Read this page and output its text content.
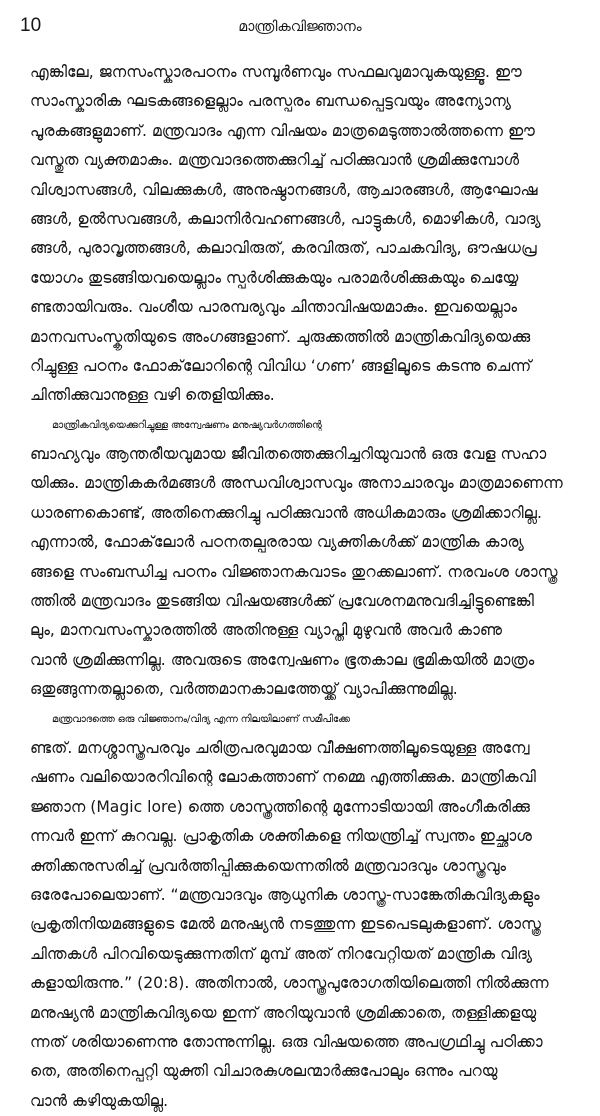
10	മാന്ത്രികവിജ്ഞാനം
എങ്കിലേ, ജനസംസ്കാരപഠനം സമ്പൂർണവും സഫലവുമാവുകയുള്ളൂ. ഈ
സാംസ്കാരിക ഘടകങ്ങളെല്ലാം പരസ്പരം ബന്ധപ്പെട്ടവയും അന്യോന്യ
പൂരകങ്ങളുമാണ്. മന്ത്രവാദം എന്ന വിഷയം മാത്രമെടുത്താൽത്തന്നെ ഈ
വസ്തുത വ്യക്തമാകും. മന്ത്രവാദത്തെക്കുറിച്ച് പഠിക്കുവാൻ ശ്രമിക്കുമ്പോൾ
വിശ്വാസങ്ങൾ, വിലക്കുകൾ, അനുഷ്ഠാനങ്ങൾ, ആചാരങ്ങൾ, ആഘോഷ
ങ്ങൾ, ഉൽസവങ്ങൾ, കലാനിർവഹണങ്ങൾ, പാട്ടുകൾ, മൊഴികൾ, വാദ്യ
ങ്ങൾ, പുരാവൃത്തങ്ങൾ, കലാവിരുത്, കരവിരുത്, പാചകവിദ്യ, ഔഷധപ്ര
യോഗം തുടങ്ങിയവയെല്ലാം സ്പർശിക്കുകയും പരാമർശിക്കുകയും ചെയ്യേ
ണ്ടതായിവരും. വംശീയ പാരമ്പര്യവും ചിന്താവിഷയമാകും. ഇവയെല്ലാം
മാനവസംസ്കൃതിയുടെ അംഗങ്ങളാണ്. ചുരുക്കത്തിൽ മാന്ത്രികവിദ്യയെക്കു
റിച്ചുള്ള പഠനം ഫോക്‌ലോറിന്റെ വിവിധ ‘ഗണ’ ങ്ങളിലൂടെ കടന്നു ചെന്ന്
ചിന്തിക്കുവാനുള്ള വഴി തെളിയിക്കും.
മാന്ത്രികവിദ്യയെക്കുറിച്ചുള്ള അന്വേഷണം മനുഷ്യവർഗത്തിന്റെ
ബാഹ്യവും ആന്തരീയവുമായ ജീവിതത്തെക്കുറിച്ചറിയുവാൻ ഒരു വേള സഹാ
യിക്കും. മാന്ത്രികകർമങ്ങൾ അന്ധവിശ്വാസവും അനാചാരവും മാത്രമാണെന്ന
ധാരണകൊണ്ട്, അതിനെക്കുറിച്ചു പഠിക്കുവാൻ അധികമാരും ശ്രമിക്കാറില്ല.
എന്നാൽ, ഫോക്‌ലോർ പഠനതല്പരരായ വ്യക്തികൾക്ക് മാന്ത്രിക കാര്യ
ങ്ങളെ സംബന്ധിച്ച പഠനം വിജ്ഞാനകവാടം തുറക്കലാണ്. നരവംശ ശാസ്ത്ര
ത്തിൽ മന്ത്രവാദം തുടങ്ങിയ വിഷയങ്ങൾക്ക് പ്രവേശനമനുവദിച്ചിട്ടുണ്ടെങ്കി
ലും, മാനവസംസ്കാരത്തിൽ അതിനുള്ള വ്യാപ്തി മുഴുവൻ അവർ കാണു
വാൻ ശ്രമിക്കുന്നില്ല. അവരുടെ അന്വേഷണം ഭൂതകാല ഭൂമികയിൽ മാത്രം
ഒതുങ്ങുന്നതല്ലാതെ, വർത്തമാനകാലത്തേയ്ക്ക് വ്യാപിക്കുന്നുമില്ല.
മന്ത്രവാദത്തെ ഒരു വിജ്ഞാനം/വിദ്യ എന്ന നിലയിലാണ് സമീപിക്കേ
ണ്ടത്. മനശ്ശാസ്ത്രപരവും ചരിത്രപരവുമായ വീക്ഷണത്തിലൂടെയുള്ള അന്വേ
ഷണം വലിയൊരറിവിന്റെ ലോകത്താണ് നമ്മെ എത്തിക്കുക. മാന്ത്രികവി
ജ്ഞാന (Magic lore) ത്തെ ശാസ്ത്രത്തിന്റെ മുന്നോടിയായി അംഗീകരിക്കു
ന്നവർ ഇന്ന് കുറവല്ല. പ്രാകൃതിക ശക്തികളെ നിയന്ത്രിച്ച് സ്വന്തം ഇച്ഛാശ
ക്തിക്കനുസരിച്ച് പ്രവർത്തിപ്പിക്കുകയെന്നതിൽ മന്ത്രവാദവും ശാസ്ത്രവും
ഒരേപോലെയാണ്. “മന്ത്രവാദവും ആധുനിക ശാസ്ത്ര-സാങ്കേതികവിദ്യകളും
പ്രകൃതിനിയമങ്ങളുടെ മേൽ മനുഷ്യൻ നടത്തുന്ന ഇടപെടലുകളാണ്. ശാസ്ത്ര
ചിന്തകൾ പിറവിയെടുക്കുന്നതിന് മുമ്പ് അത് നിറവേറ്റിയത് മാന്ത്രിക വിദ്യ
കളായിരുന്നു.” (20:8). അതിനാൽ, ശാസ്ത്രപുരോഗതിയിലെത്തി നിൽക്കുന്ന
മനുഷ്യൻ മാന്ത്രികവിദ്യയെ ഇന്ന് അറിയുവാൻ ശ്രമിക്കാതെ, തള്ളിക്കളയു
ന്നത് ശരിയാണെന്നു തോന്നുന്നില്ല. ഒരു വിഷയത്തെ അപഗ്രഥിച്ചു പഠിക്കാ
തെ, അതിനെപ്പറ്റി യുക്തി വിചാരകുശലന്മാർക്കുപോലും ഒന്നും പറയു
വാൻ കഴിയുകയില്ല.
